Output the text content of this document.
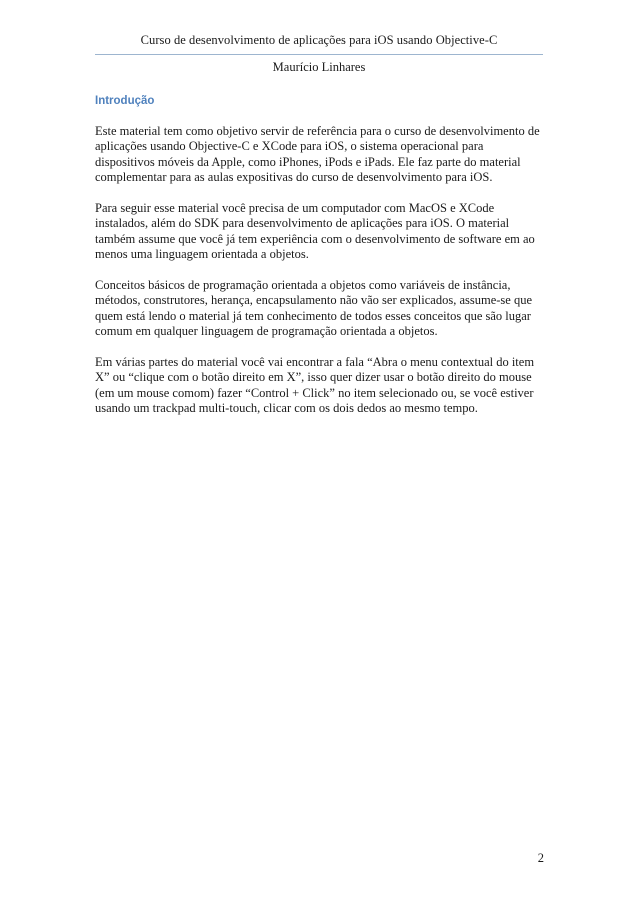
Curso de desenvolvimento de aplicações para iOS usando Objective-C
Maurício Linhares
Introdução

Este material tem como objetivo servir de referência para o curso de desenvolvimento de aplicações usando Objective-C e XCode para iOS, o sistema operacional para dispositivos móveis da Apple, como iPhones, iPods e iPads. Ele faz parte do material complementar para as aulas expositivas do curso de desenvolvimento para iOS.

Para seguir esse material você precisa de um computador com MacOS e XCode instalados, além do SDK para desenvolvimento de aplicações para iOS. O material também assume que você já tem experiência com o desenvolvimento de software em ao menos uma linguagem orientada a objetos.

Conceitos básicos de programação orientada a objetos como variáveis de instância, métodos, construtores, herança, encapsulamento não vão ser explicados, assume-se que quem está lendo o material já tem conhecimento de todos esses conceitos que são lugar comum em qualquer linguagem de programação orientada a objetos.

Em várias partes do material você vai encontrar a fala “Abra o menu contextual do item X” ou “clique com o botão direito em X”, isso quer dizer usar o botão direito do mouse (em um mouse comom) fazer “Control + Click” no item selecionado ou, se você estiver usando um trackpad multi-touch, clicar com os dois dedos ao mesmo tempo.

2
